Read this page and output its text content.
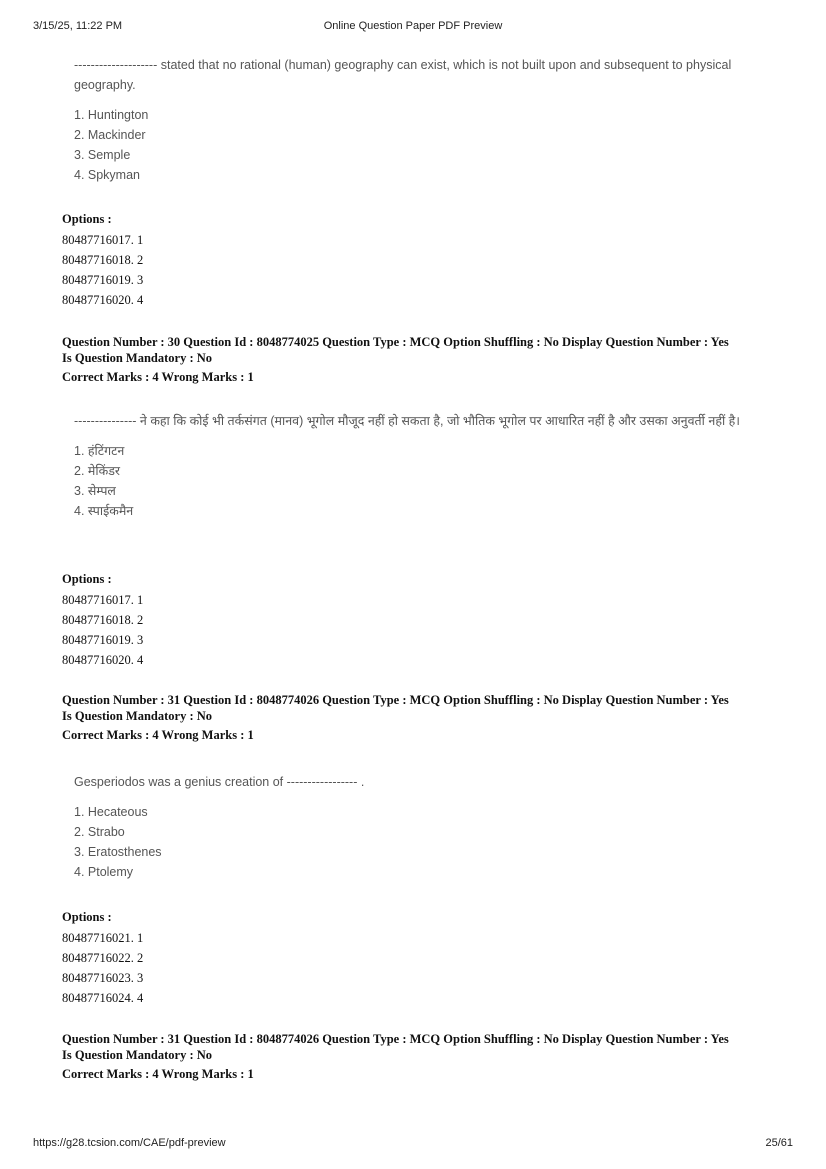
3/15/25, 11:22 PM	Online Question Paper PDF Preview

-------------------- stated that no rational (human) geography can exist, which is not built upon and subsequent to physical geography.

1. Huntington
2. Mackinder
3. Semple
4. Spkyman

Options :

80487716017. 1
80487716018. 2
80487716019. 3
80487716020. 4

Question Number : 30 Question Id : 8048774025 Question Type : MCQ Option Shuffling : No Display Question Number : Yes

Is Question Mandatory : No

Correct Marks : 4 Wrong Marks : 1

--------------- ने कहा कि कोई भी तर्कसंगत (मानव) भूगोल मौजूद नहीं हो सकता है, जो भौतिक भूगोल पर आधारित नहीं है और उसका अनुवर्ती नहीं है।

1. हंटिंगटन
2. मेकिंडर
3. सेम्पल
4. स्पाईकमैन

Options :

80487716017. 1
80487716018. 2
80487716019. 3
80487716020. 4

Question Number : 31 Question Id : 8048774026 Question Type : MCQ Option Shuffling : No Display Question Number : Yes

Is Question Mandatory : No

Correct Marks : 4 Wrong Marks : 1

Gesperiodos was a genius creation of ----------------- .

1. Hecateous
2. Strabo
3. Eratosthenes
4. Ptolemy

Options :

80487716021. 1
80487716022. 2
80487716023. 3
80487716024. 4

Question Number : 31 Question Id : 8048774026 Question Type : MCQ Option Shuffling : No Display Question Number : Yes

Is Question Mandatory : No

Correct Marks : 4 Wrong Marks : 1

https://g28.tcsion.com/CAE/pdf-preview	25/61
